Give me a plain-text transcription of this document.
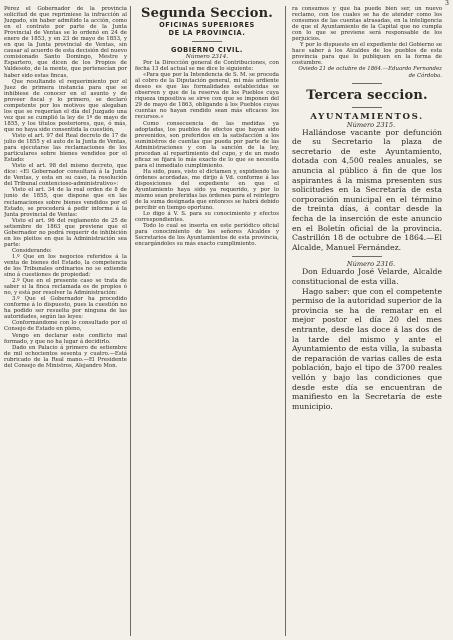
3

Pérez el Gobernador de la provincia solicitud de que reprimiese la infracción al Juzgado, sin haber admitido la acción, como en el contrato por parte de la Junta Provincial de Ventas se lo ordenó en 24 de enero de 1853, y en 23 de mayo de 1853, y en que la Junta provincial de Ventas, sin causar al acuerdo de esta decisión del nuevo comisionado Santo Domingo, Mestre y Espartero, que dicen de los Propios de Valdesoto, de la mente, que pertenecían por haber sido estas fincas,

Que resultando el requerimiento por el Juez de primera instancia para que se inhibiese de conocer en el asunto y de proveer fiscal y lo primero, se declaró competente por los motivos que alegaban los que se requerían el día del Juzgado una vez que se cumplió la ley de 1º de mayo de 1855, y los títulos posteriores, que, ó más, que no haya sido consentida la cuestión,

Visto el art. 97 del Real decreto de 17 de julio de 1855 y el auto de la Junta de Ventas, para ejecutarse las reclamaciones de los particulares sobre bienes vendidos por el Estado:

Visto el art. 98 del mismo decreto, que dice: «El Gobernador consultará á la Junta de Ventas, y esta en su caso, la resolución del Tribunal contencioso-administrativo»:

Visto el art. 34 de la real orden de 8 de junio de 1855, que dispone que en las reclamaciones sobre bienes vendidos por el Estado, se procederá á pedir informe á la Junta provincial de Ventas:

Visto el art. 96 del reglamento de 25 de setiembre de 1863 que previene que el Gobernador no podrá requerir de inhibición en los pleitos en que la Administración sea parte:

Considerando:

1.º Que en los negocios referidos á la venta de bienes del Estado, la competencia de los Tribunales ordinarios no se extiende sino á cuestiones de propiedad:

2.º Que en el presente caso se trata de saber si la finca reclamada es de propios ó no, y está por resolver la Administración:

3.º Que el Gobernador ha procedido conforme á lo dispuesto, pues la cuestión no ha podido ser resuelta por ninguna de las autoridades, según las leyes:

Conformándome con lo consultado por el Consejo de Estado en pleno,

Vengo en declarar este conflicto mal formado, y que no ha lugar á decidirlo.

Dado en Palacio á primero de setiembre de mil ochocientos sesenta y cuatro.—Está rubricado de la Real mano.—El Presidente del Consejo de Ministros, Alejandro Mon.

Segunda Seccion.

OFICINAS SUPERIORES

DE LA PROVINCIA.

GOBIERNO CIVIL.

Número 2314.

Por la Dirección general de Contribuciones, con fecha 13 del actual se me dice lo siguiente:

«Para que por la Intendencia de S. M. se proceda al cobro de la Diputación general, mi más ardiente deseo es que las formalidades establecidas se observen y que de la reserva de los Pueblos cuya riqueza impositiva se sirve con que se imponen del 29 de mayo de 1863, obligando á los Pueblos cuyas cuentas no hayan rendido sean más eficaces los recursos.»

Como consecuencia de las medidas ya adoptadas, los pueblos de efectos que hayan sido prevenidos, son preferidos en la satisfacción a los suministros de cuentas que pueda por parte de las Administraciones y con la sanción de la ley, procedan al repartimiento del cupo, y de un modo eficaz se fijará lo más exacto de lo que se necesita para el inmediato cumplimiento.

Ha sido, pues, visto el dictamen y, expidiendo las órdenes acordadas, me dirijo á Vd. conforme á las disposiciones del expediente en que el Ayuntamiento haya sido ya requerido, y por lo mismo sean preferidas las órdenes para el reintegro de la suma designada que entonces se habrá debido percibir en tiempo oportuno.

Lo digo á V. S. para su conocimiento y efectos correspondientes.

Todo lo cual se inserta en este periódico oficial para conocimiento de los señores Alcaldes y Secretarios de los Ayuntamientos de esta provincia, encargándoles su más exacto cumplimiento.

ra consumos y que ha puede bien ser, un nuevo reclamo, con los cuales se ha de atender como los consumos de las cuentas atrasadas, en la inteligencia de que el Ayuntamiento de la Capital que no cumpla con lo que se previene será responsable de los perjuicios.

Y por lo dispuesto en el expediente del Gobierno se hace saber á los Alcaldes de los pueblos de esta provincia para que lo publiquen en la forma de costumbre.

Oviedo 21 de octubre de 1864.—Eduardo Fernandez de Córdoba.

Tercera seccion.

AYUNTAMIENTOS.

Número 2315.

Hallándose vacante por defunción de su Secretario la plaza de secretario de este Ayuntamiento, dotada con 4,500 reales anuales, se anuncia al público á fin de que los aspirantes á la misma presenten sus solicitudes en la Secretaría de esta corporación municipal en el término de treinta días, á contar desde la fecha de la inserción de este anuncio en el Boletín oficial de la provincia. Castrillón 18 de octubre de 1864.—El Alcalde, Manuel Fernández.

Número 2316.

Don Eduardo José Velarde, Alcalde constitucional de esta villa.

Hago saber: que con el competente permiso de la autoridad superior de la provincia se ha de rematar en el mejor postor el día 20 del mes entrante, desde las doce á las dos de la tarde del mismo y ante el Ayuntamiento de esta villa, la subasta de reparación de varias calles de esta población, bajo el tipo de 3700 reales vellón y bajo las condiciones que desde este día se encuentran de manifiesto en la Secretaría de este municipio.
